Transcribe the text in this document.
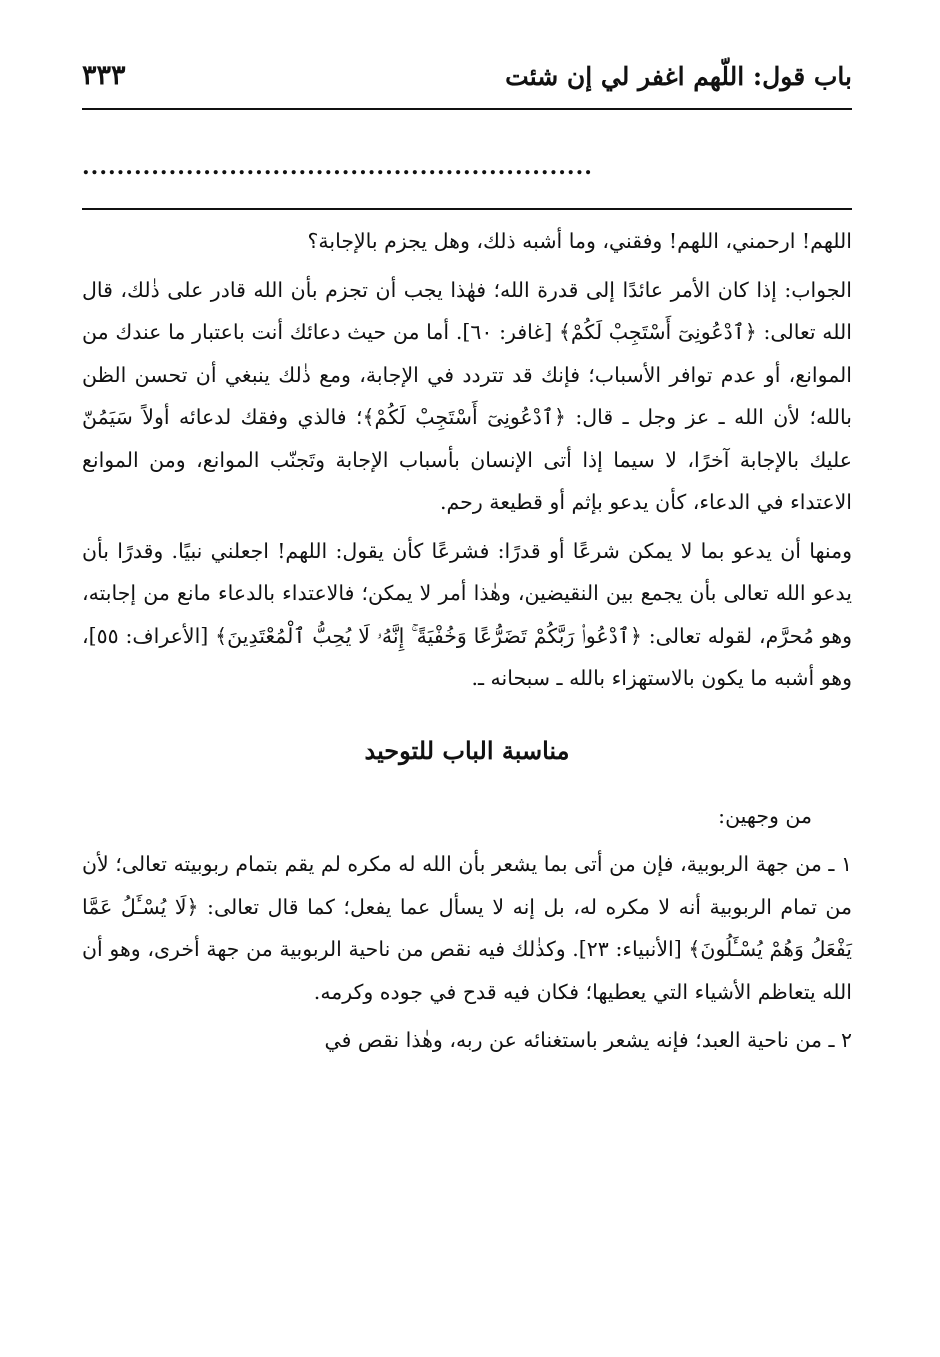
باب قول: اللّهم اغفر لي إن شئت
٣٣٣
...........................................................

اللهم! ارحمني، اللهم! وفقني، وما أشبه ذلك، وهل يجزم بالإجابة؟

الجواب: إذا كان الأمر عائدًا إلى قدرة الله؛ فهٰذا يجب أن تجزم بأن الله قادر على ذٰلك، قال الله تعالى: ﴿ٱدْعُونِىٓ أَسْتَجِبْ لَكُمْ﴾ [غافر: ٦٠]. أما من حيث دعائك أنت باعتبار ما عندك من الموانع، أو عدم توافر الأسباب؛ فإنك قد تتردد في الإجابة، ومع ذٰلك ينبغي أن تحسن الظن بالله؛ لأن الله ـ عز وجل ـ قال: ﴿ٱدْعُونِىٓ أَسْتَجِبْ لَكُمْ﴾؛ فالذي وفقك لدعائه أولاً سَيَمُنّ عليك بالإجابة آخرًا، لا سيما إذا أتى الإنسان بأسباب الإجابة وتَجنّب الموانع، ومن الموانع الاعتداء في الدعاء، كأن يدعو بإثم أو قطيعة رحم.

ومنها أن يدعو بما لا يمكن شرعًا أو قدرًا: فشرعًا كأن يقول: اللهم! اجعلني نبيًا. وقدرًا بأن يدعو الله تعالى بأن يجمع بين النقيضين، وهٰذا أمر لا يمكن؛ فالاعتداء بالدعاء مانع من إجابته، وهو مُحرَّم، لقوله تعالى: ﴿ٱدْعُوا۟ رَبَّكُمْ تَضَرُّعًا وَخُفْيَةً ۚ إِنَّهُۥ لَا يُحِبُّ ٱلْمُعْتَدِينَ﴾ [الأعراف: ٥٥]، وهو أشبه ما يكون بالاستهزاء بالله ـ سبحانه ـ.

مناسبة الباب للتوحيد

من وجهين:

١ ـ من جهة الربوبية، فإن من أتى بما يشعر بأن الله له مكره لم يقم بتمام ربوبيته تعالى؛ لأن من تمام الربوبية أنه لا مكره له، بل إنه لا يسأل عما يفعل؛ كما قال تعالى: ﴿لَا يُسْـَٔلُ عَمَّا يَفْعَلُ وَهُمْ يُسْـَٔلُونَ﴾ [الأنبياء: ٢٣]. وكذٰلك فيه نقص من ناحية الربوبية من جهة أخرى، وهو أن الله يتعاظم الأشياء التي يعطيها؛ فكان فيه قدح في جوده وكرمه.

٢ ـ من ناحية العبد؛ فإنه يشعر باستغنائه عن ربه، وهٰذا نقص في
